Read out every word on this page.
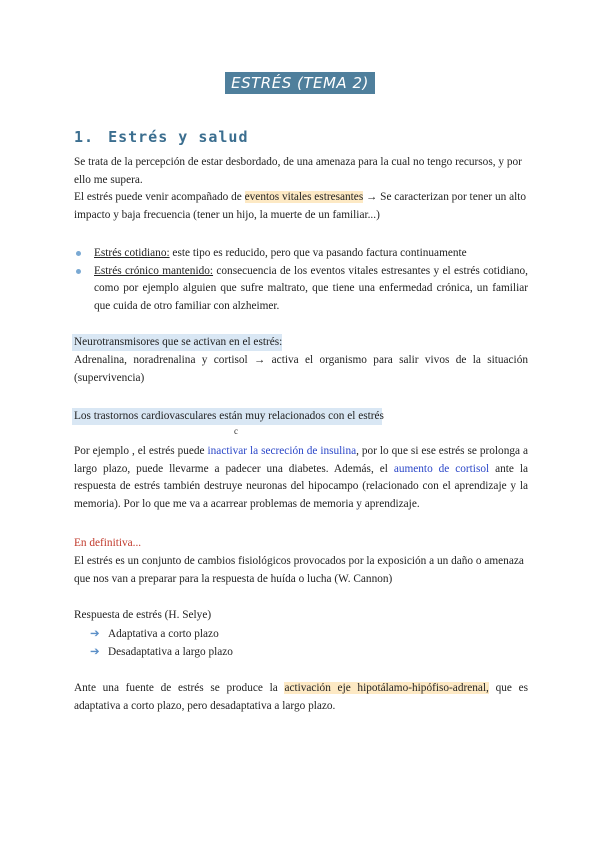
ESTRÉS (TEMA 2)
1. Estrés y salud
Se trata de la percepción de estar desbordado, de una amenaza para la cual no tengo recursos, y por ello me supera.
El estrés puede venir acompañado de eventos vitales estresantes → Se caracterizan por tener un alto impacto y baja frecuencia (tener un hijo, la muerte de un familiar...)
Estrés cotidiano: este tipo es reducido, pero que va pasando factura continuamente
Estrés crónico mantenido: consecuencia de los eventos vitales estresantes y el estrés cotidiano, como por ejemplo alguien que sufre maltrato, que tiene una enfermedad crónica, un familiar que cuida de otro familiar con alzheimer.
Neurotransmisores que se activan en el estrés:
Adrenalina, noradrenalina y cortisol → activa el organismo para salir vivos de la situación (supervivencia)
Los trastornos cardiovasculares están muy relacionados con el estrés
c
Por ejemplo , el estrés puede inactivar la secreción de insulina, por lo que si ese estrés se prolonga a largo plazo, puede llevarme a padecer una diabetes. Además, el aumento de cortisol ante la respuesta de estrés también destruye neuronas del hipocampo (relacionado con el aprendizaje y la memoria). Por lo que me va a acarrear problemas de memoria y aprendizaje.
En definitiva...
El estrés es un conjunto de cambios fisiológicos provocados por la exposición a un daño o amenaza que nos van a preparar para la respuesta de huída o lucha (W. Cannon)
Respuesta de estrés (H. Selye)
➔ Adaptativa a corto plazo
➔ Desadaptativa a largo plazo
Ante una fuente de estrés se produce la activación eje hipotálamo-hipófiso-adrenal, que es adaptativa a corto plazo, pero desadaptativa a largo plazo.
